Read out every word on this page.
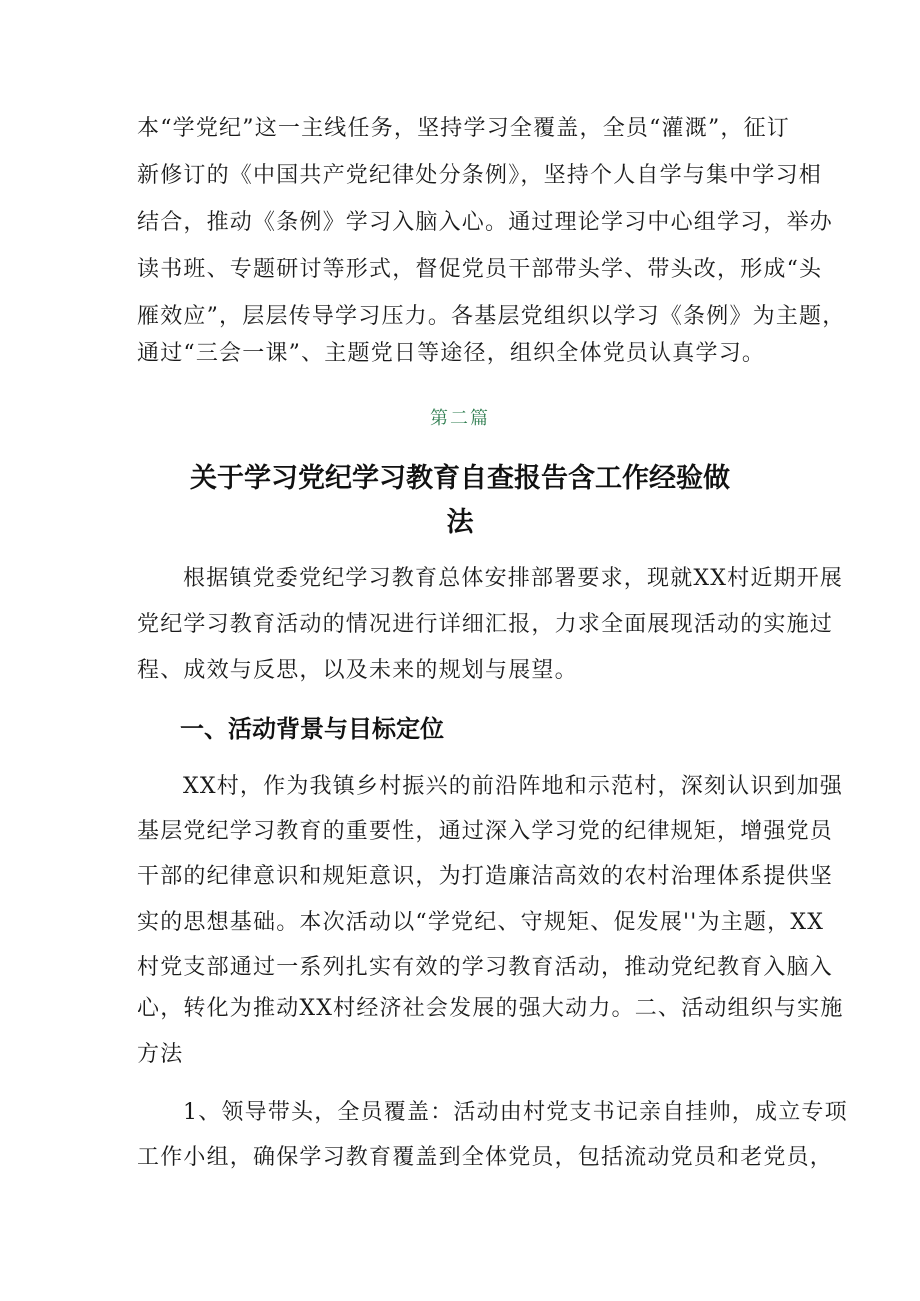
本“学党纪”这一主线任务，坚持学习全覆盖，全员“灌溉”，征订

新修订的《中国共产党纪律处分条例》，坚持个人自学与集中学习相

结合，推动《条例》学习入脑入心。通过理论学习中心组学习，举办

读书班、专题研讨等形式，督促党员干部带头学、带头改，形成“头

雁效应”，层层传导学习压力。各基层党组织以学习《条例》为主题，

通过“三会一课”、主题党日等途径，组织全体党员认真学习。

第二篇
关于学习党纪学习教育自查报告含工作经验做
法

根据镇党委党纪学习教育总体安排部署要求，现就XX村近期开展

党纪学习教育活动的情况进行详细汇报，力求全面展现活动的实施过

程、成效与反思，以及未来的规划与展望。

一、活动背景与目标定位

XX村，作为我镇乡村振兴的前沿阵地和示范村，深刻认识到加强

基层党纪学习教育的重要性，通过深入学习党的纪律规矩，增强党员

干部的纪律意识和规矩意识，为打造廉洁高效的农村治理体系提供坚

实的思想基础。本次活动以“学党纪、守规矩、促发展''为主题，XX

村党支部通过一系列扎实有效的学习教育活动，推动党纪教育入脑入

心，转化为推动XX村经济社会发展的强大动力。二、活动组织与实施

方法

1、领导带头，全员覆盖：活动由村党支书记亲自挂帅，成立专项

工作小组，确保学习教育覆盖到全体党员，包括流动党员和老党员，
